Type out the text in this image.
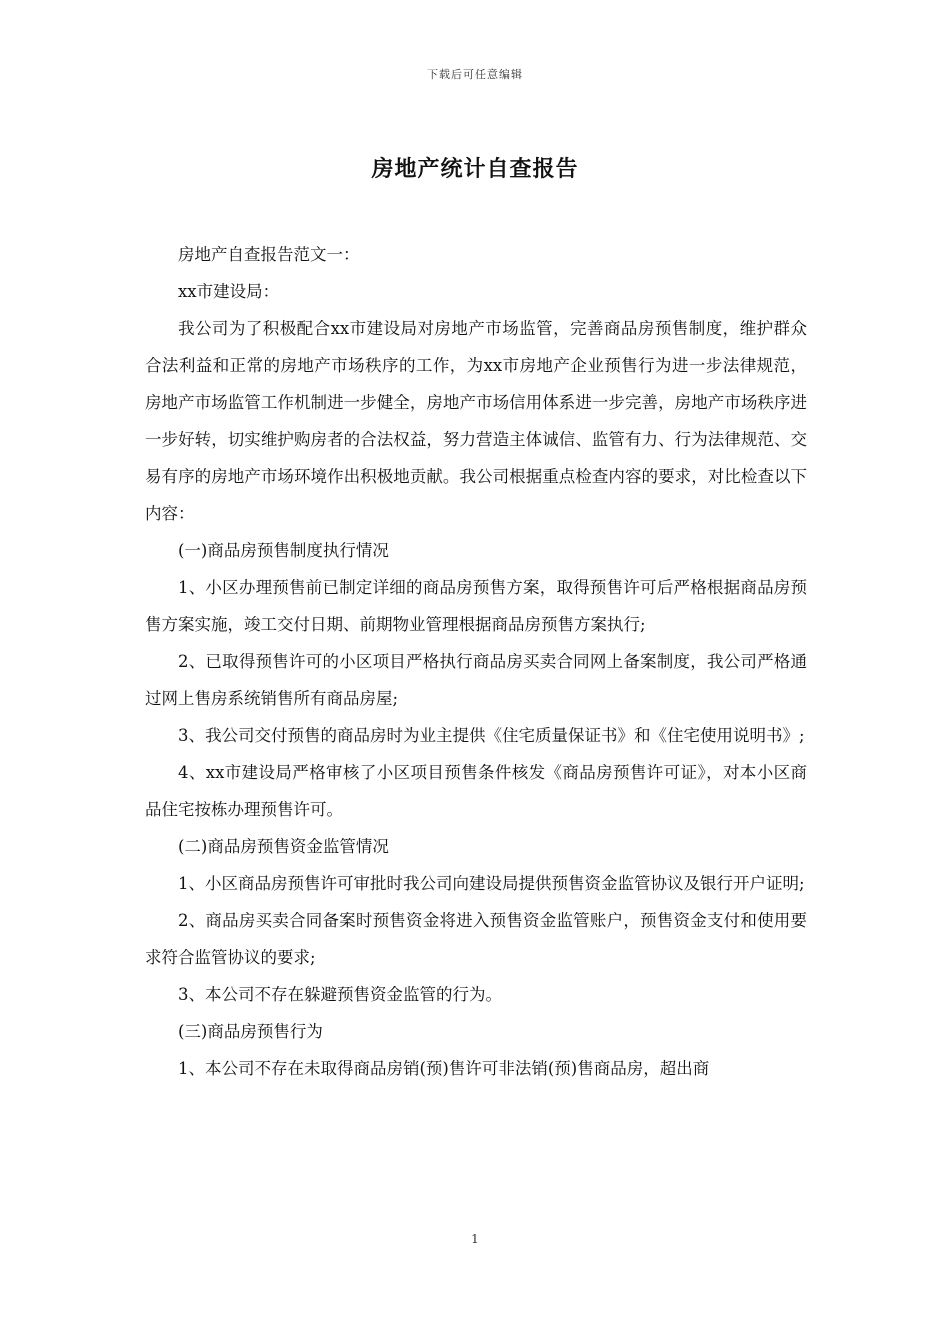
下载后可任意编辑
房地产统计自查报告

房地产自查报告范文一：

xx市建设局：

我公司为了积极配合xx市建设局对房地产市场监管，完善商品房预售制度，维护群众合法利益和正常的房地产市场秩序的工作，为xx市房地产企业预售行为进一步法律规范，房地产市场监管工作机制进一步健全，房地产市场信用体系进一步完善，房地产市场秩序进一步好转，切实维护购房者的合法权益，努力营造主体诚信、监管有力、行为法律规范、交易有序的房地产市场环境作出积极地贡献。我公司根据重点检查内容的要求，对比检查以下内容：

(一)商品房预售制度执行情况

1、小区办理预售前已制定详细的商品房预售方案，取得预售许可后严格根据商品房预售方案实施，竣工交付日期、前期物业管理根据商品房预售方案执行;

2、已取得预售许可的小区项目严格执行商品房买卖合同网上备案制度，我公司严格通过网上售房系统销售所有商品房屋;

3、我公司交付预售的商品房时为业主提供《住宅质量保证书》和《住宅使用说明书》;

4、xx市建设局严格审核了小区项目预售条件核发《商品房预售许可证》，对本小区商品住宅按栋办理预售许可。

(二)商品房预售资金监管情况

1、小区商品房预售许可审批时我公司向建设局提供预售资金监管协议及银行开户证明;

2、商品房买卖合同备案时预售资金将进入预售资金监管账户，预售资金支付和使用要求符合监管协议的要求;

3、本公司不存在躲避预售资金监管的行为。

(三)商品房预售行为

1、本公司不存在未取得商品房销(预)售许可非法销(预)售商品房，超出商

1
